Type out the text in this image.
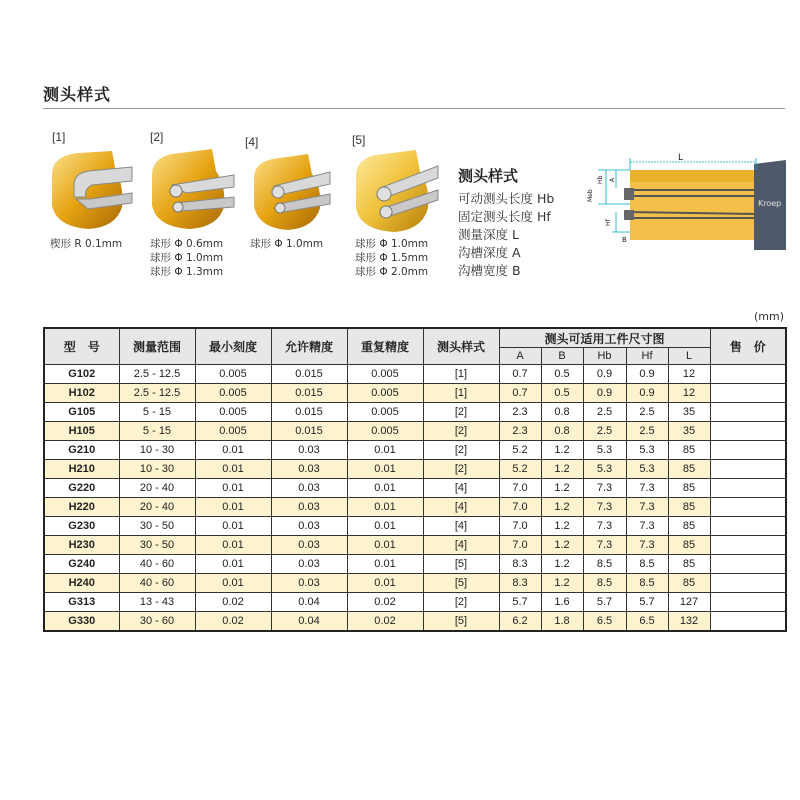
测头样式
[1]
楔形 R 0.1mm
[2]
球形 Φ 0.6mm
球形 Φ 1.0mm
球形 Φ 1.3mm
[4]
球形 Φ 1.0mm
[5]
球形 Φ 1.0mm
球形 Φ 1.5mm
球形 Φ 2.0mm
测头样式
可动测头长度 Hb
固定测头长度 Hf
测量深度 L
沟槽深度 A
沟槽宽度 B
Kroep
L
Meb
Hb A
Hf
B
(mm)
型　号	测量范围	最小刻度	允许精度	重复精度	测头样式	测头可适用工件尺寸图					售　价
						A	B	Hb	Hf	L	
G102	2.5 - 12.5	0.005	0.015	0.005	[1]	0.7	0.5	0.9	0.9	12	
H102	2.5 - 12.5	0.005	0.015	0.005	[1]	0.7	0.5	0.9	0.9	12	
G105	5 - 15	0.005	0.015	0.005	[2]	2.3	0.8	2.5	2.5	35	
H105	5 - 15	0.005	0.015	0.005	[2]	2.3	0.8	2.5	2.5	35	
G210	10 - 30	0.01	0.03	0.01	[2]	5.2	1.2	5.3	5.3	85	
H210	10 - 30	0.01	0.03	0.01	[2]	5.2	1.2	5.3	5.3	85	
G220	20 - 40	0.01	0.03	0.01	[4]	7.0	1.2	7.3	7.3	85	
H220	20 - 40	0.01	0.03	0.01	[4]	7.0	1.2	7.3	7.3	85	
G230	30 - 50	0.01	0.03	0.01	[4]	7.0	1.2	7.3	7.3	85	
H230	30 - 50	0.01	0.03	0.01	[4]	7.0	1.2	7.3	7.3	85	
G240	40 - 60	0.01	0.03	0.01	[5]	8.3	1.2	8.5	8.5	85	
H240	40 - 60	0.01	0.03	0.01	[5]	8.3	1.2	8.5	8.5	85	
G313	13 - 43	0.02	0.04	0.02	[2]	5.7	1.6	5.7	5.7	127	
G330	30 - 60	0.02	0.04	0.02	[5]	6.2	1.8	6.5	6.5	132	
